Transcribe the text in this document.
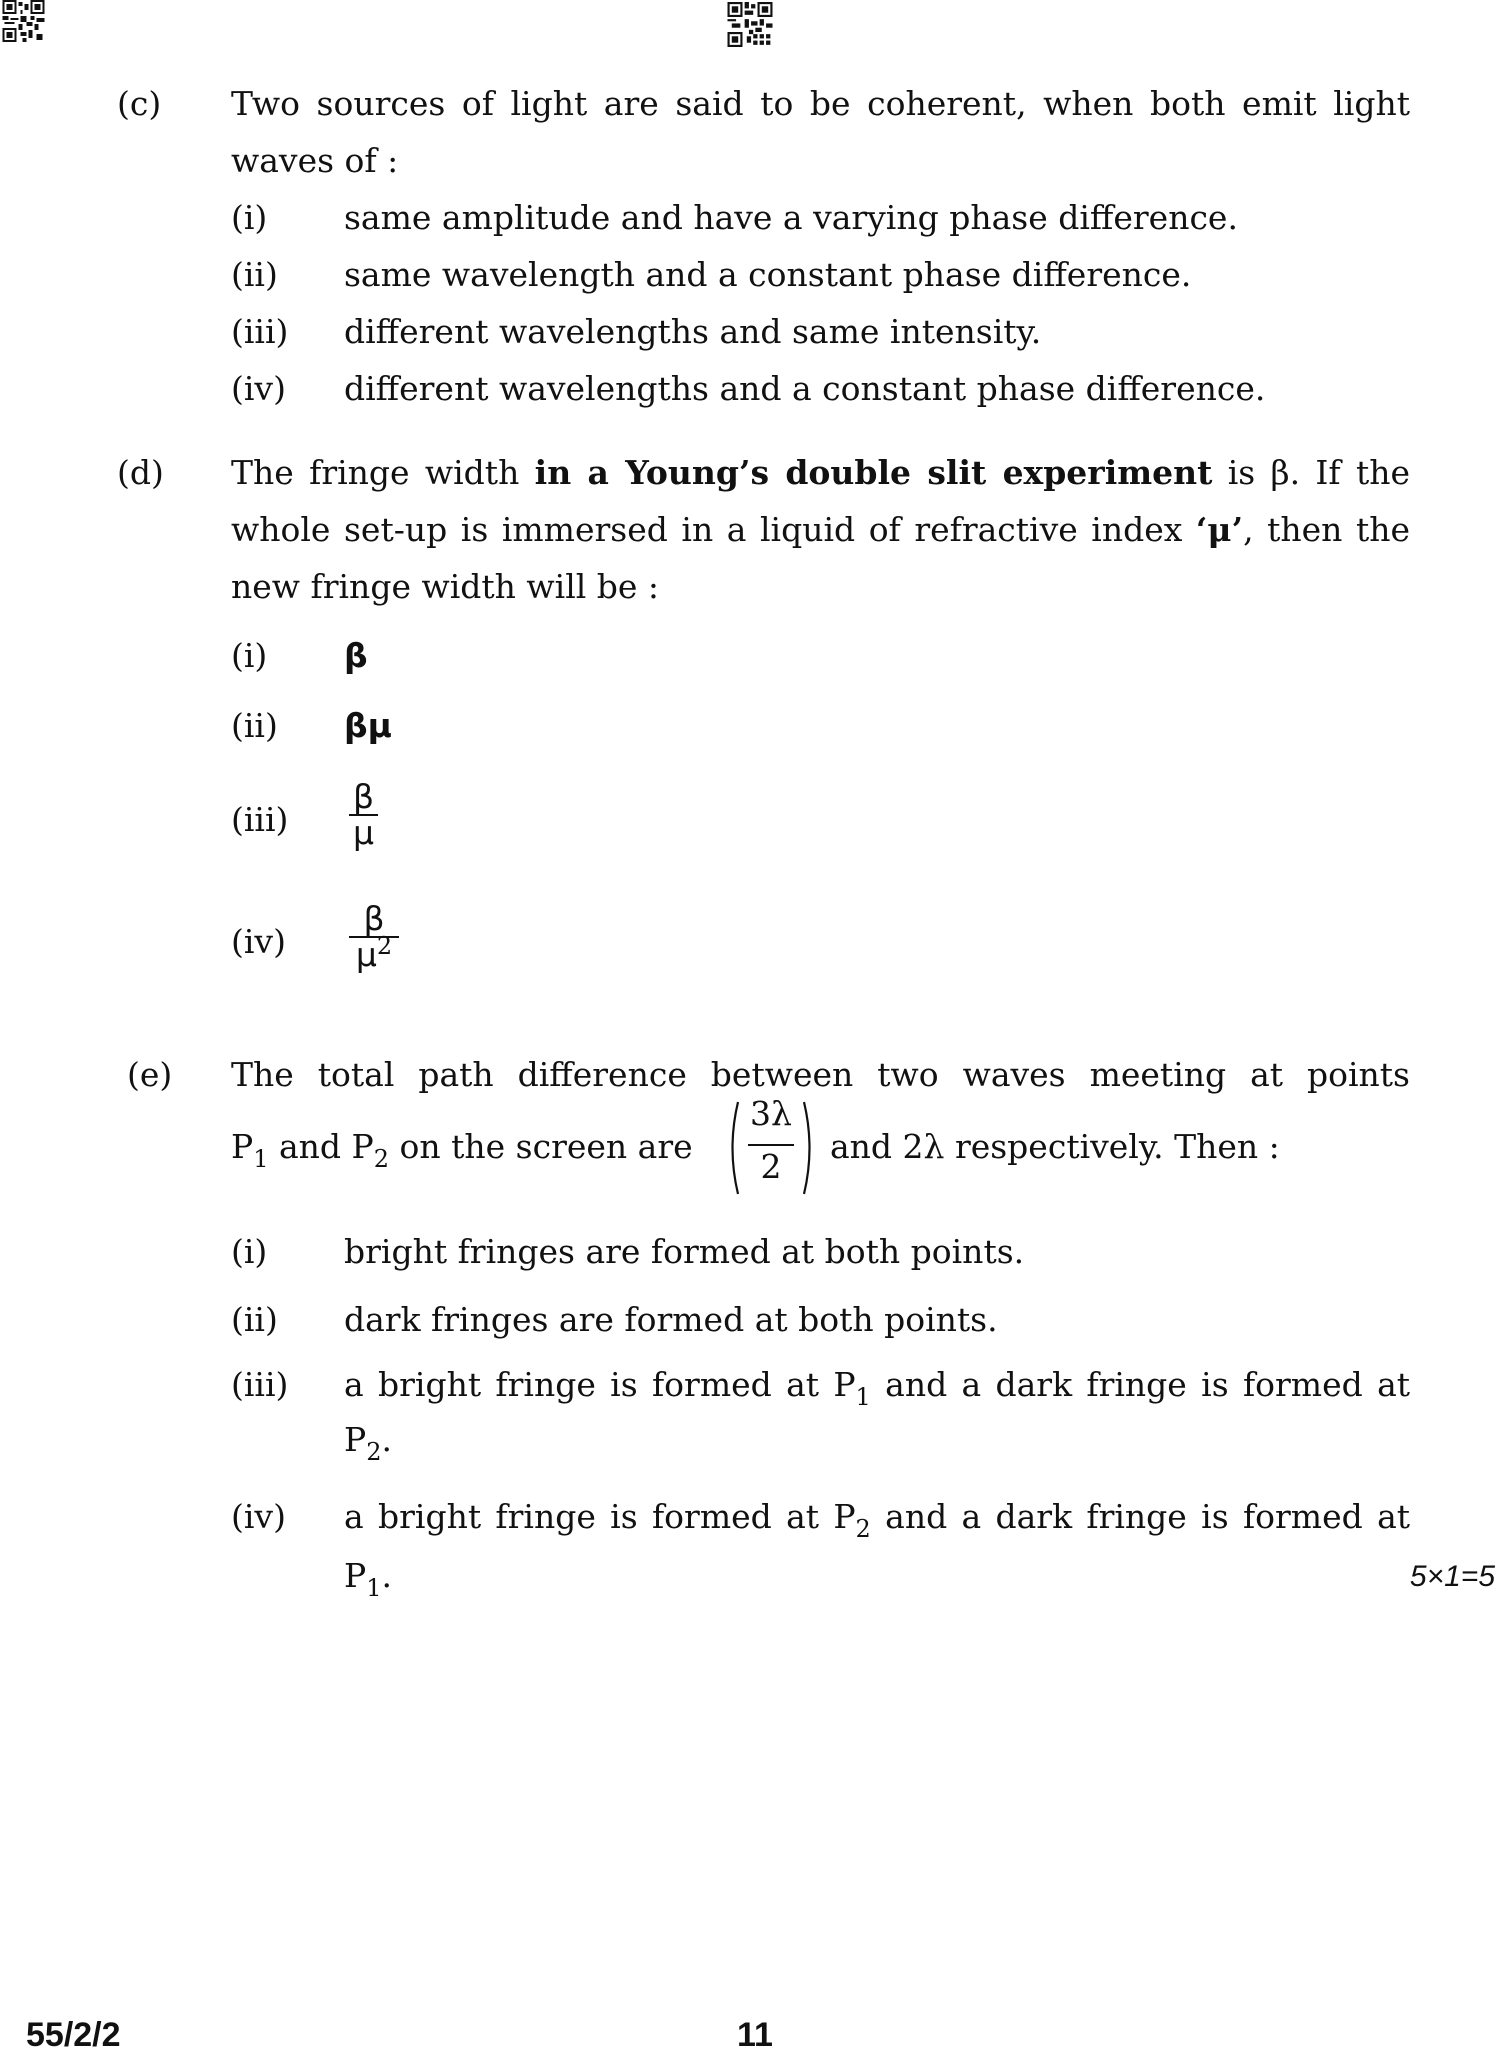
(c) Two sources of light are said to be coherent, when both emit light
waves of :
(i) same amplitude and have a varying phase difference.
(ii) same wavelength and a constant phase difference.
(iii) different wavelengths and same intensity.
(iv) different wavelengths and a constant phase difference.
(d) The fringe width in a Young’s double slit experiment is β. If the
whole set-up is immersed in a liquid of refractive index ‘μ’, then the
new fringe width will be :
(i) β
(ii) βμ
(iii)
β
μ
(iv)
β
$\mu^2$
(e) The total path difference between two waves meeting at points
$P_1$ and $P_2$ on the screen are
3λ
2
and 2λ respectively. Then :
(i) bright fringes are formed at both points.
(ii) dark fringes are formed at both points.
(iii) a bright fringe is formed at $P_1$ and a dark fringe is formed at
$P_2$.
(iv) a bright fringe is formed at $P_2$ and a dark fringe is formed at
$P_1$.	5×1=5
55/2/2	11
